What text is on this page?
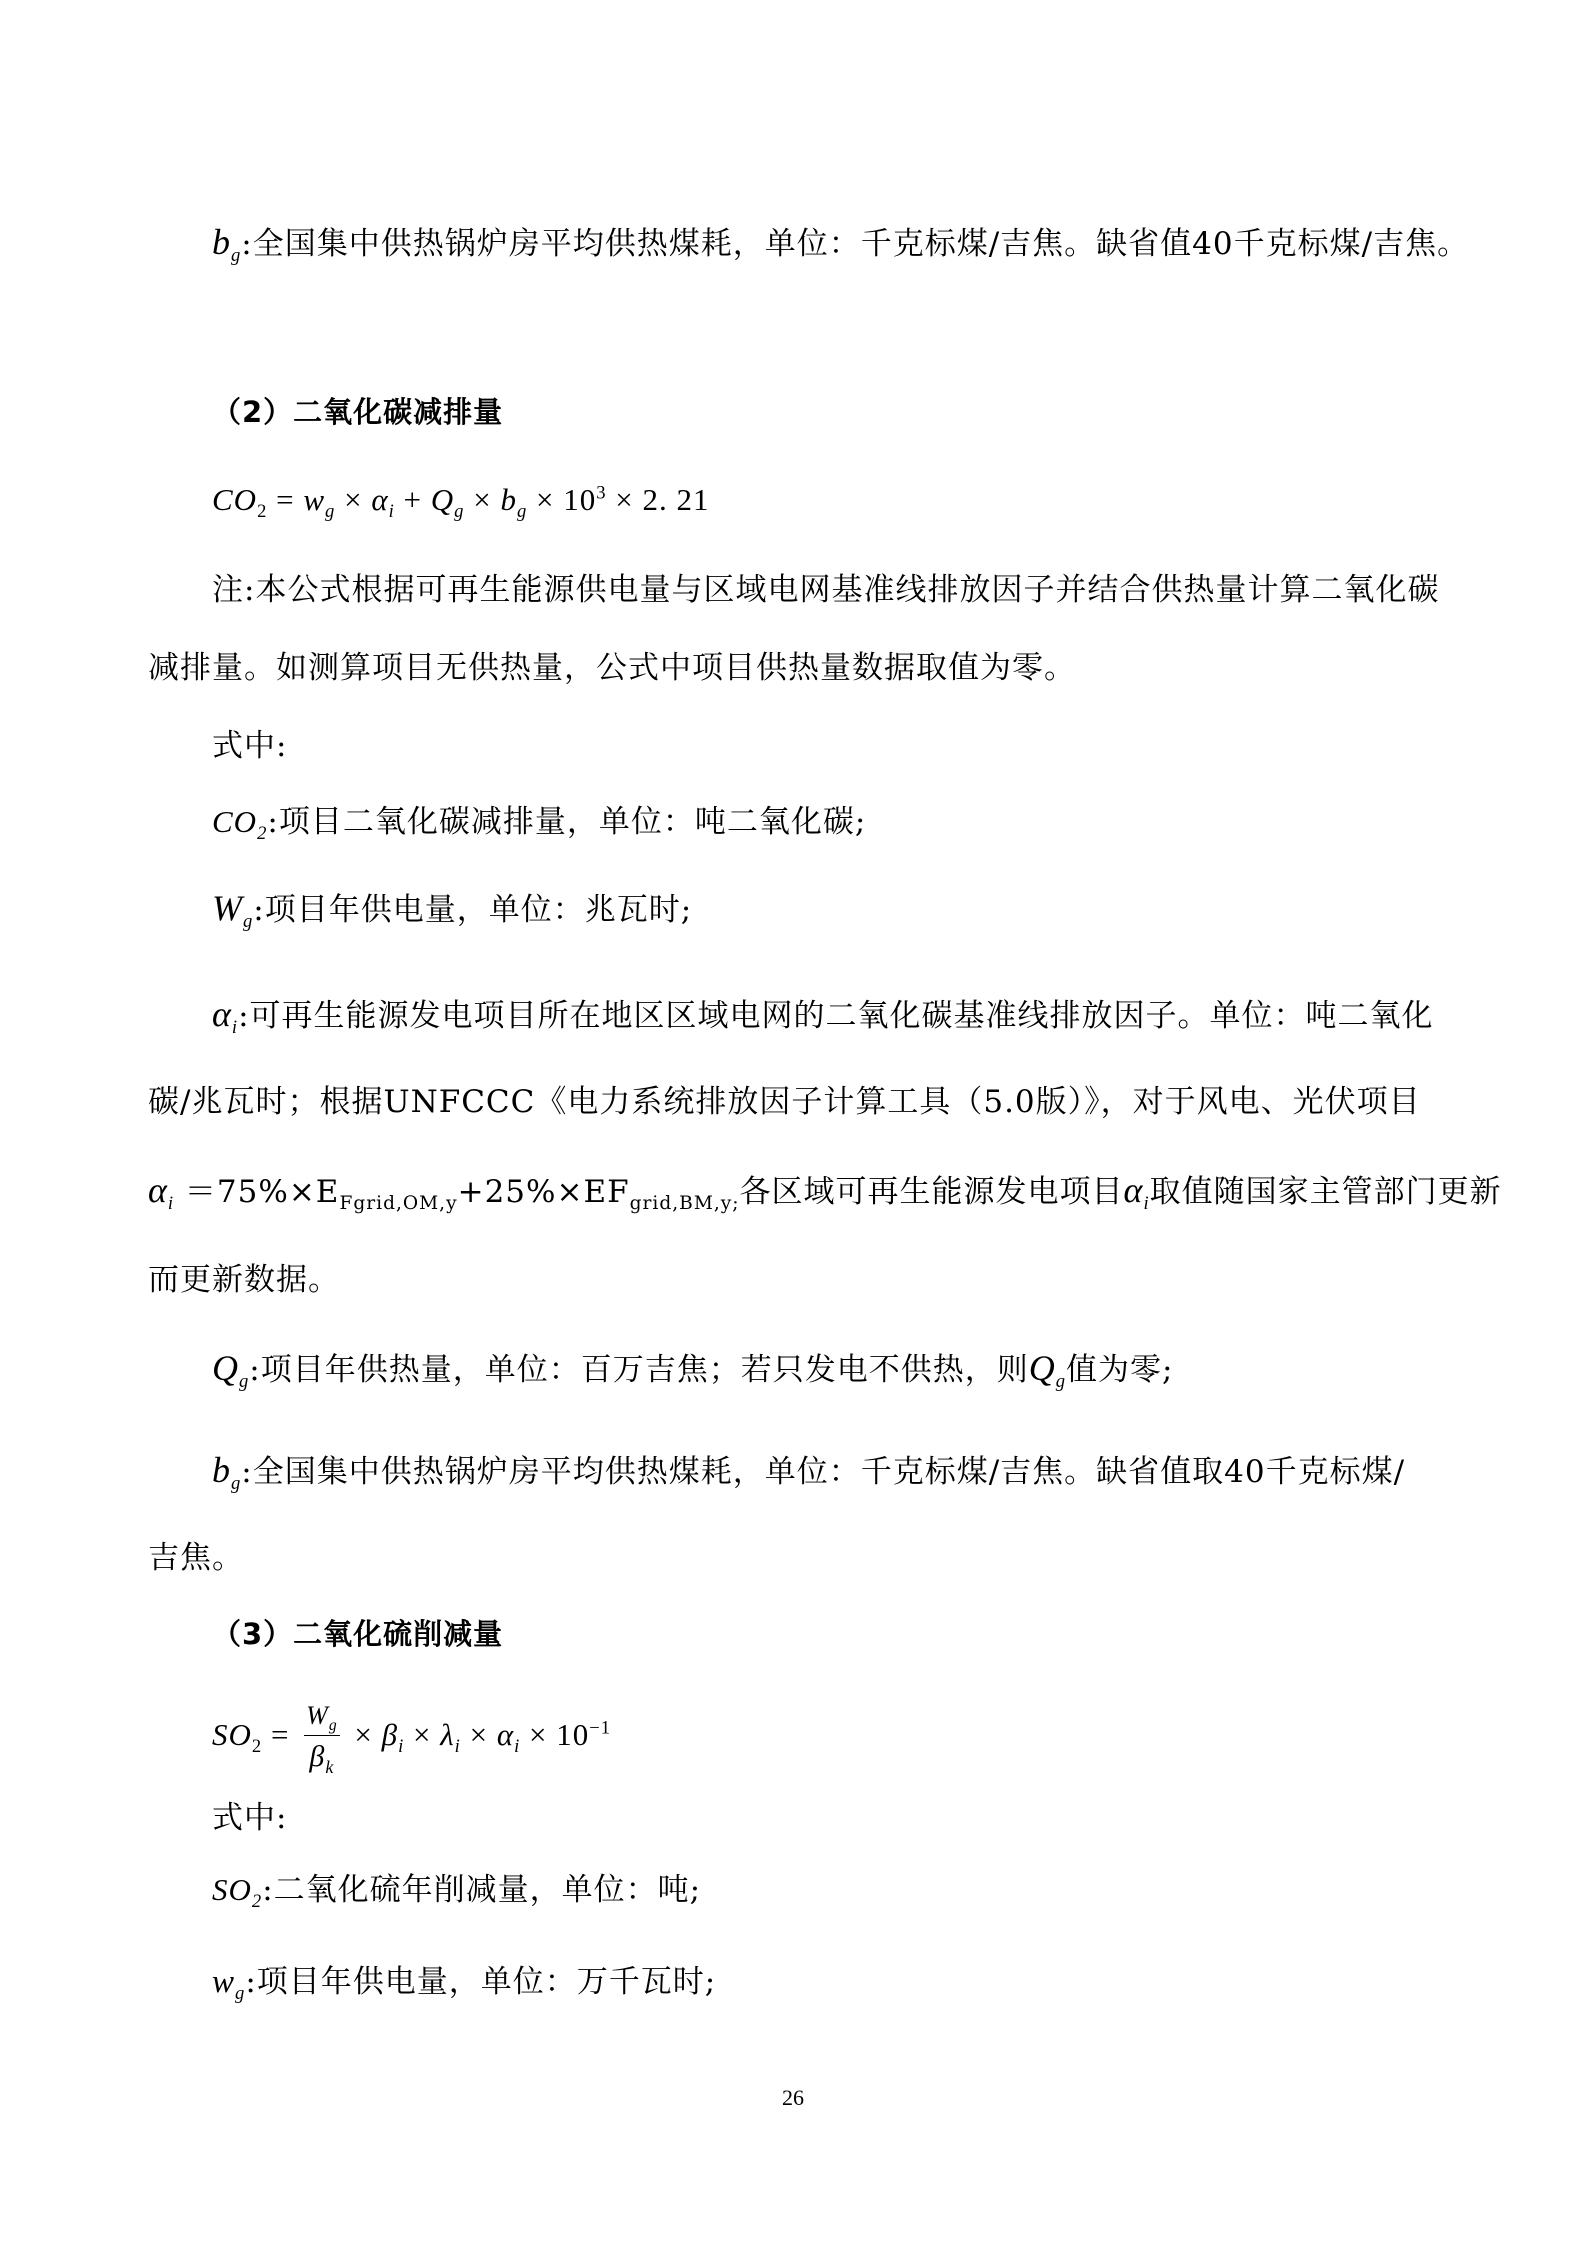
$b_g$:全国集中供热锅炉房平均供热煤耗，单位：千克标煤/吉焦。缺省值40千克标煤/吉焦。
（2）二氧化碳减排量
$CO_2 = w_g \times \alpha_i + Q_g \times b_g \times 10^3 \times 2$. 21
注:本公式根据可再生能源供电量与区域电网基准线排放因子并结合供热量计算二氧化碳
减排量。如测算项目无供热量，公式中项目供热量数据取值为零。
式中:
$CO_2$:项目二氧化碳减排量，单位：吨二氧化碳;
$W_g$:项目年供电量，单位：兆瓦时;
$\alpha_i$:可再生能源发电项目所在地区区域电网的二氧化碳基准线排放因子。单位：吨二氧化
碳/兆瓦时；根据UNFCCC《电力系统排放因子计算工具（5.0版）》，对于风电、光伏项目
$\alpha_i =75\%\times E_{Fgrid,OM,y}+25\%\times EF_{grid,BM,y;}$各区域可再生能源发电项目$\alpha_i$取值随国家主管部门更新
而更新数据。
$Q_g$:项目年供热量，单位：百万吉焦；若只发电不供热，则$Q_g$值为零;
$b_g$:全国集中供热锅炉房平均供热煤耗，单位：千克标煤/吉焦。缺省值取40千克标煤/
吉焦。
（3）二氧化硫削减量
$SO_2 = \frac{W_g}{\beta_k} \times \beta_i \times \lambda_i \times \alpha_i \times 10^{-1}$
式中:
$SO_2$:二氧化硫年削减量，单位：吨;
$w_g$:项目年供电量，单位：万千瓦时;
26
